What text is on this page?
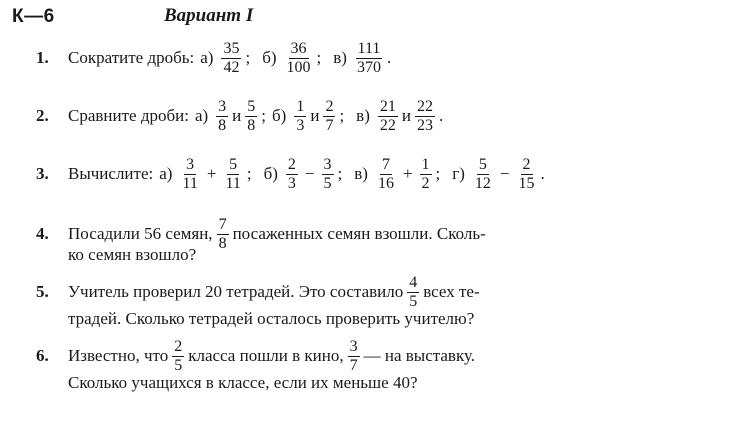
К—6	Вариант I
1. Сократите дробь: $а) \frac{35}{42}$ ; $б) \frac{36}{100}$ ; $в) \frac{111}{370}$ .
2. Сравните дроби: $а) \frac{3}{8}$ и $\frac{5}{8}$ ; $б) \frac{1}{3}$ и $\frac{2}{7}$ ; $в) \frac{21}{22}$ и $\frac{22}{23}$ .
3. Вычислите: $а) \frac{3}{11} + \frac{5}{11}$ ; $б) \frac{2}{3} - \frac{3}{5}$ ; $в) \frac{7}{16} + \frac{1}{2}$ ; $г) \frac{5}{12} - \frac{2}{15}$ .
4. Посадили 56 семян, $\frac{7}{8}$ посаженных семян взошли. Сколь-
ко семян взошло?
5. Учитель проверил 20 тетрадей. Это составило $\frac{4}{5}$ всех те-
традей. Сколько тетрадей осталось проверить учителю?
6. Известно, что $\frac{2}{5}$ класса пошли в кино, $\frac{3}{7}$ — на выставку.
Сколько учащихся в классе, если их меньше 40?
